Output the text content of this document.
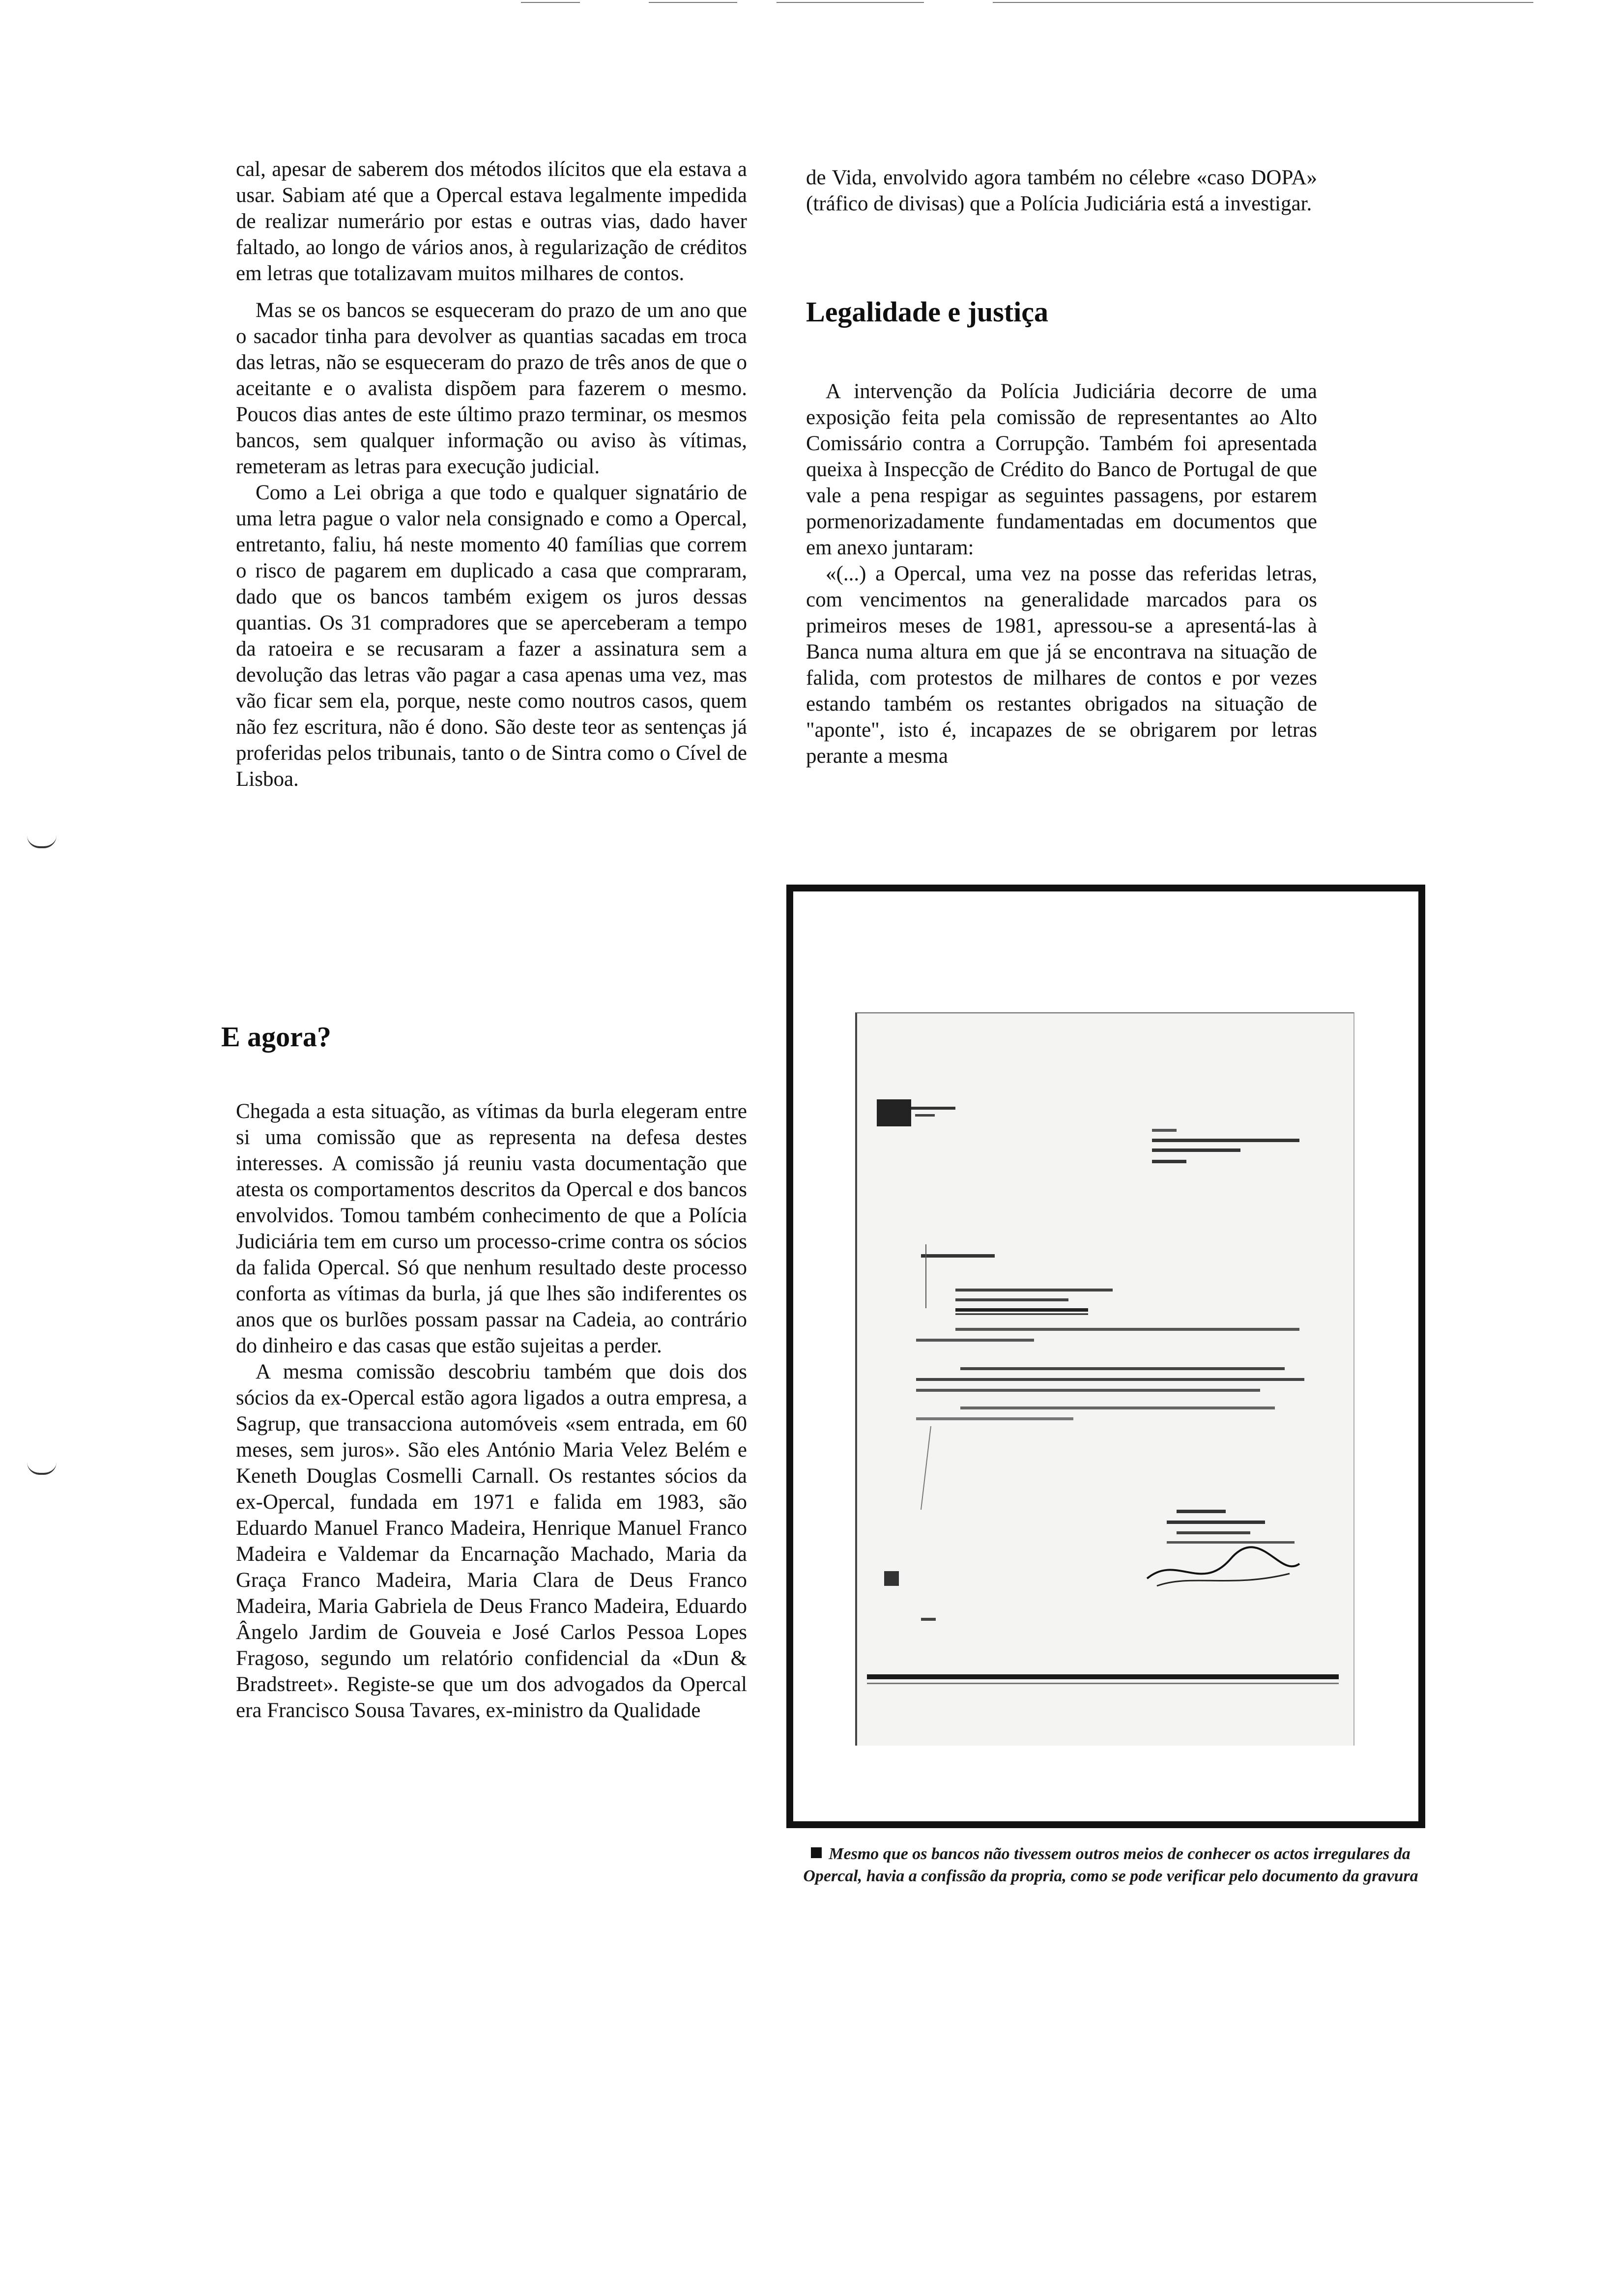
cal, apesar de saberem dos métodos ilícitos que ela estava a usar. Sabiam até que a Opercal estava legalmente impedida de realizar numerário por estas e outras vias, dado haver faltado, ao longo de vários anos, à regularização de créditos em letras que totalizavam muitos milhares de contos.

Mas se os bancos se esqueceram do prazo de um ano que o sacador tinha para devolver as quantias sacadas em troca das letras, não se esqueceram do prazo de três anos de que o aceitante e o avalista dispõem para fazerem o mesmo. Poucos dias antes de este último prazo terminar, os mesmos bancos, sem qualquer informação ou aviso às vítimas, remeteram as letras para execução judicial.

Como a Lei obriga a que todo e qualquer signatário de uma letra pague o valor nela consignado e como a Opercal, entretanto, faliu, há neste momento 40 famílias que correm o risco de pagarem em duplicado a casa que compraram, dado que os bancos também exigem os juros dessas quantias. Os 31 compradores que se aperceberam a tempo da ratoeira e se recusaram a fazer a assinatura sem a devolução das letras vão pagar a casa apenas uma vez, mas vão ficar sem ela, porque, neste como noutros casos, quem não fez escritura, não é dono. São deste teor as sentenças já proferidas pelos tribunais, tanto o de Sintra como o Cível de Lisboa.

E agora?

Chegada a esta situação, as vítimas da burla elegeram entre si uma comissão que as representa na defesa destes interesses. A comissão já reuniu vasta documentação que atesta os comportamentos descritos da Opercal e dos bancos envolvidos. Tomou também conhecimento de que a Polícia Judiciária tem em curso um processo-crime contra os sócios da falida Opercal. Só que nenhum resultado deste processo conforta as vítimas da burla, já que lhes são indiferentes os anos que os burlões possam passar na Cadeia, ao contrário do dinheiro e das casas que estão sujeitas a perder.

A mesma comissão descobriu também que dois dos sócios da ex-Opercal estão agora ligados a outra empresa, a Sagrup, que transacciona automóveis «sem entrada, em 60 meses, sem juros». São eles António Maria Velez Belém e Keneth Douglas Cosmelli Carnall. Os restantes sócios da ex-Opercal, fundada em 1971 e falida em 1983, são Eduardo Manuel Franco Madeira, Henrique Manuel Franco Madeira e Valdemar da Encarnação Machado, Maria da Graça Franco Madeira, Maria Clara de Deus Franco Madeira, Maria Gabriela de Deus Franco Madeira, Eduardo Ângelo Jardim de Gouveia e José Carlos Pessoa Lopes Fragoso, segundo um relatório confidencial da «Dun & Bradstreet». Registe-se que um dos advogados da Opercal era Francisco Sousa Tavares, ex-ministro da Qualidade

de Vida, envolvido agora também no célebre «caso DOPA» (tráfico de divisas) que a Polícia Judiciária está a investigar.

Legalidade e justiça

A intervenção da Polícia Judiciária decorre de uma exposição feita pela comissão de representantes ao Alto Comissário contra a Corrupção. Também foi apresentada queixa à Inspecção de Crédito do Banco de Portugal de que vale a pena respigar as seguintes passagens, por estarem pormenorizadamente fundamentadas em documentos que em anexo juntaram:

«(...) a Opercal, uma vez na posse das referidas letras, com vencimentos na generalidade marcados para os primeiros meses de 1981, apressou-se a apresentá-las à Banca numa altura em que já se encontrava na situação de falida, com protestos de milhares de contos e por vezes estando também os restantes obrigados na situação de "aponte", isto é, incapazes de se obrigarem por letras perante a mesma

Mesmo que os bancos não tivessem outros meios de conhecer os actos irregulares da Opercal, havia a confissão da propria, como se pode verificar pelo documento da gravura
